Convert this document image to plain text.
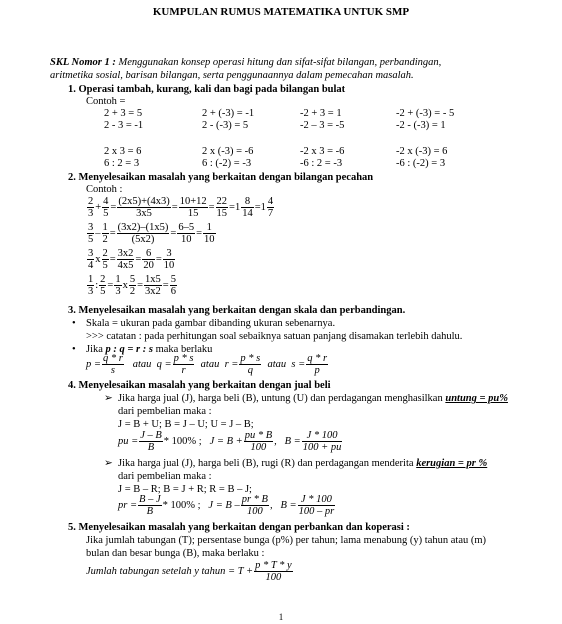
KUMPULAN RUMUS MATEMATIKA UNTUK SMP
SKL Nomor 1 : Menggunakan konsep operasi hitung dan sifat-sifat bilangan, perbandingan,
aritmetika sosial, barisan bilangan, serta penggunaannya dalam pemecahan masalah.
1. Operasi tambah, kurang, kali dan bagi pada bilangan bulat
Contoh =
2 + 3 = 5	2 + (-3) = -1	-2 + 3 = 1	-2 + (-3) = - 5
2 - 3 = -1	2 - (-3) = 5	-2 – 3 = -5	-2 - (-3) = 1
2 x 3 = 6	2 x (-3) = -6	-2 x 3 = -6	-2 x (-3) = 6
6 : 2 = 3	6 : (-2) = -3	-6 : 2 = -3	-6 : (-2) = 3
2. Menyelesaikan masalah yang berkaitan dengan bilangan pecahan
Contoh :
$\frac{2}{3} + \frac{4}{5} = \frac{(2x5)+(4x3)}{3x5} = \frac{10+12}{15} = \frac{22}{15} =1 \frac{8}{14} =1 \frac{4}{7}$
$\frac{3}{5} - \frac{1}{2} = \frac{(3x2)-(1x5)}{(5x2)} = \frac{6-5}{10} = \frac{1}{10}$
$\frac{3}{4}$ x $\frac{2}{5} = \frac{3x2}{4x5} = \frac{6}{20} = \frac{3}{10}$
$\frac{1}{3}$ : $\frac{2}{5} = \frac{1}{3}$ x $\frac{5}{2} = \frac{1x5}{3x2} = \frac{5}{6}$
3. Menyelesaikan masalah yang berkaitan dengan skala dan perbandingan.
• Skala = ukuran pada gambar dibanding ukuran sebenarnya.
>>> catatan : pada perhitungan soal sebaiknya satuan panjang disamakan terlebih dahulu.
• Jika p : q = r : s maka berlaku
$p = \frac{q * r}{s}$ atau $q = \frac{p * s}{r}$ atau $r = \frac{p * s}{q}$ atau $s = \frac{q * r}{p}$
4. Menyelesaikan masalah yang berkaitan dengan jual beli
➢ Jika harga jual (J), harga beli (B), untung (U) dan perdagangan menghasilkan untung = pu%
dari pembelian maka :
J = B + U; B = J – U; U = J – B;
pu = $\frac{J - B}{B} * 100\%$ ; $J = B + \frac{pu * B}{100}$ ,   $B = \frac{J * 100}{100 + pu}$
➢ Jika harga jual (J), harga beli (B), rugi (R) dan perdagangan menderita kerugian = pr %
dari pembelian maka :
J = B – R; B = J + R; R = B – J;
pr = $\frac{B - J}{B} * 100\%$ ; $J = B - \frac{pr * B}{100}$ ,   $B = \frac{J * 100}{100 - pr}$
5. Menyelesaikan masalah yang berkaitan dengan perbankan dan koperasi :
Jika jumlah tabungan (T); persentase bunga (p%) per tahun; lama menabung (y) tahun atau (m)
bulan dan besar bunga (B), maka berlaku :
Jumlah tabungan setelah y tahun = $T + \frac{p * T * y}{100}$
1
